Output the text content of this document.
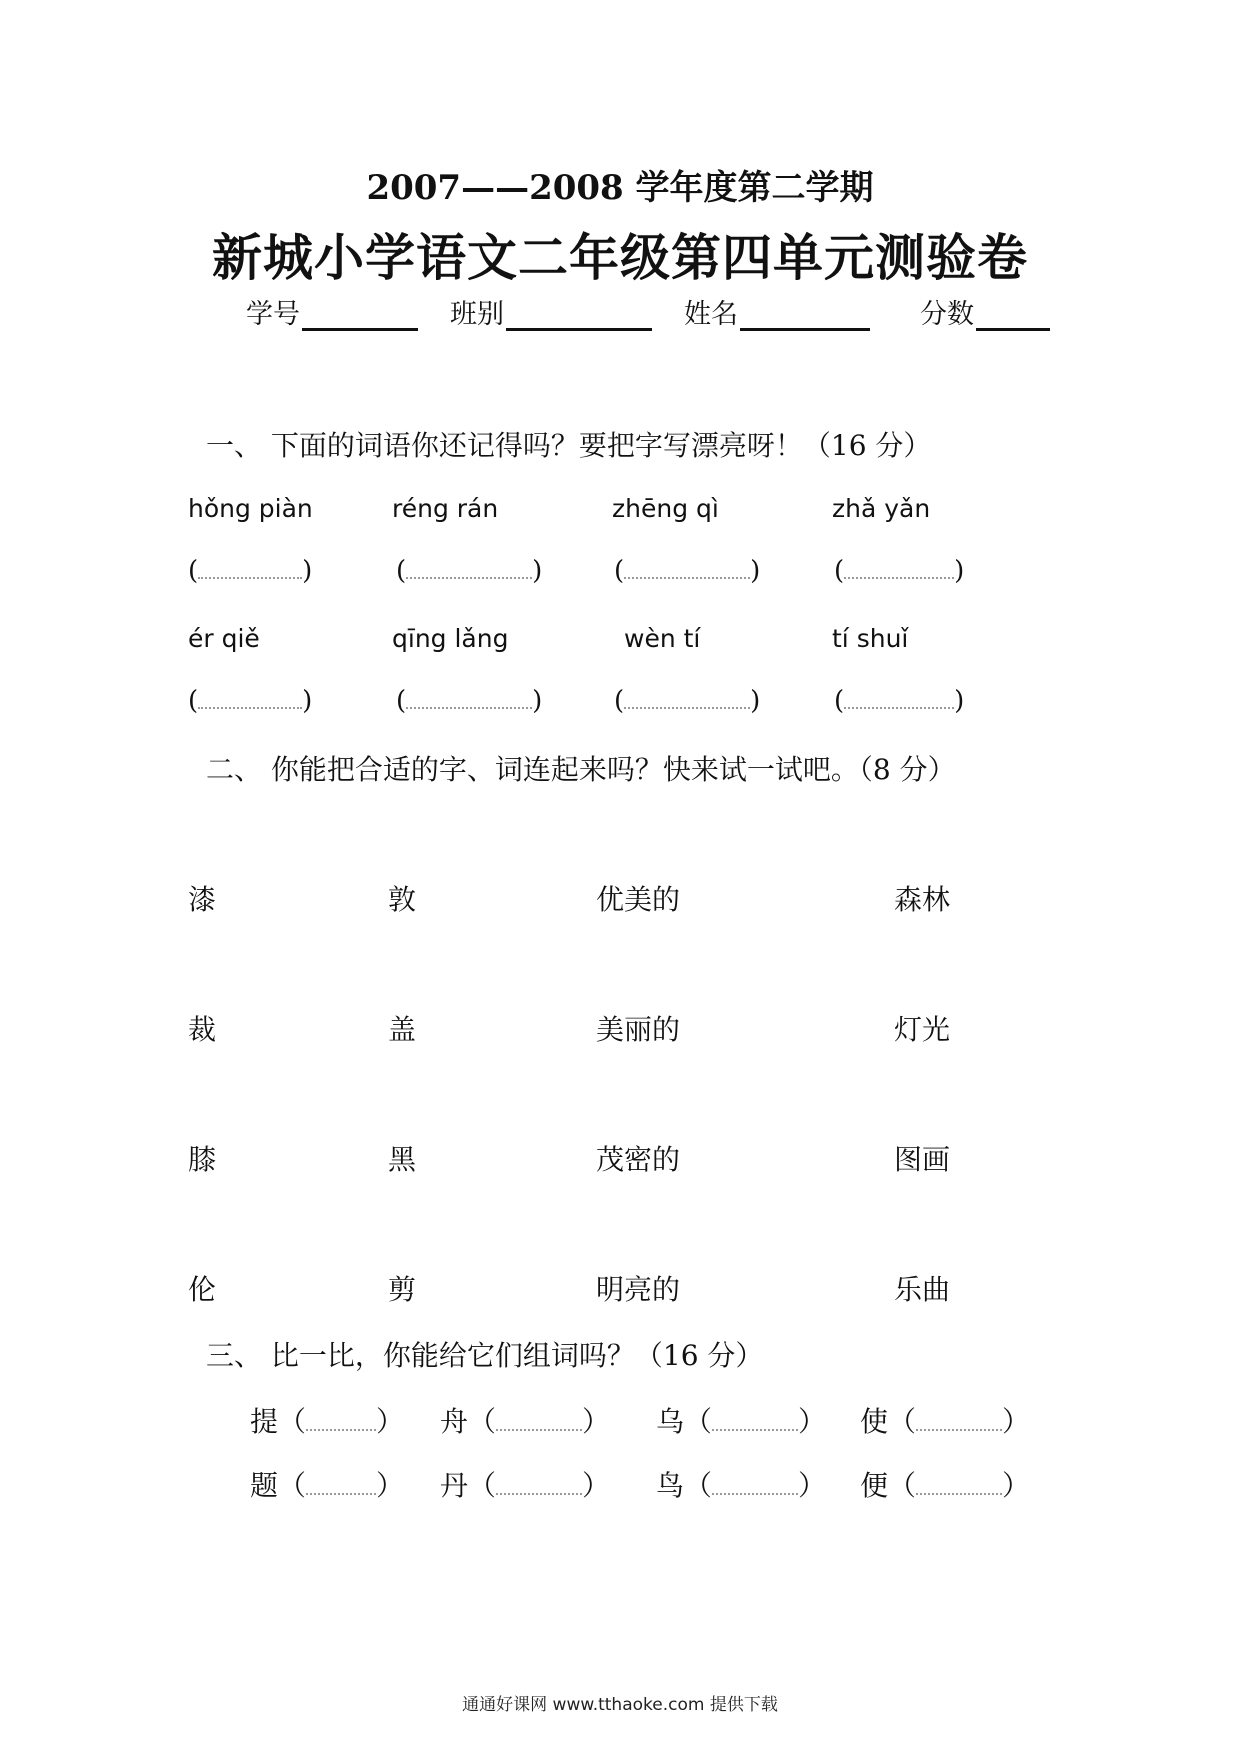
2007——2008 学年度第二学期
新城小学语文二年级第四单元测验卷
学号	班别	姓名	分数
一、 下面的词语你还记得吗？要把字写漂亮呀！（16 分）
hǒng piàn	réng rán	zhēng qì	zhǎ yǎn
(	)	(	)	(	)	(	)
ér qiě	qīng lǎng	wèn tí	tí shuǐ
(	)	(	)	(	)	(	)
二、 你能把合适的字、词连起来吗？快来试一试吧。（8 分）
漆	敦	优美的	森林
裁	盖	美丽的	灯光
膝	黑	茂密的	图画
伦	剪	明亮的	乐曲
三、 比一比，你能给它们组词吗？（16 分）
提（	） 舟（	） 乌（	） 使（	）
题（	） 丹（	） 鸟（	） 便（	）
通通好课网 www.tthaoke.com 提供下载
